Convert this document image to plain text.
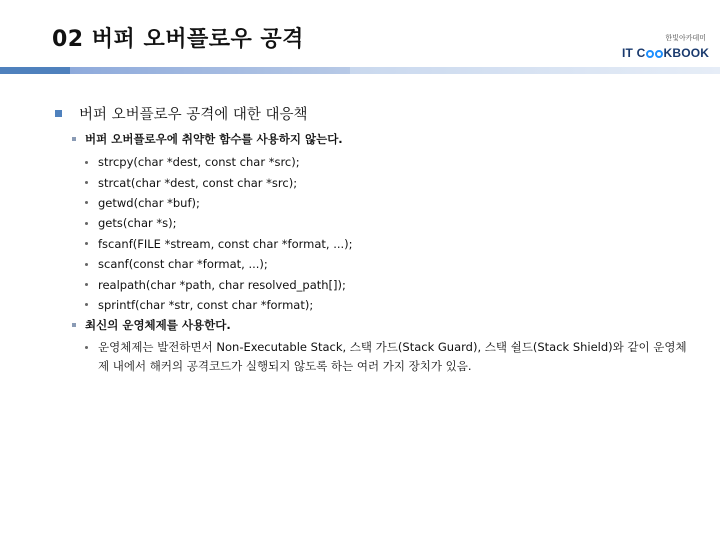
02 버퍼 오버플로우 공격	한빛아카데미
IT C KBOOK
버퍼 오버플로우 공격에 대한 대응책
버퍼 오버플로우에 취약한 함수를 사용하지 않는다.
strcpy(char *dest, const char *src);
strcat(char *dest, const char *src);
getwd(char *buf);
gets(char *s);
fscanf(FILE *stream, const char *format, ...);
scanf(const char *format, ...);
realpath(char *path, char resolved_path[]);
sprintf(char *str, const char *format);
최신의 운영체제를 사용한다.
운영체제는 발전하면서 Non-Executable Stack, 스택 가드(Stack Guard), 스택 쉴드(Stack Shield)와 같이 운영체제 내에서 해커의 공격코드가 실행되지 않도록 하는 여러 가지 장치가 있음.
